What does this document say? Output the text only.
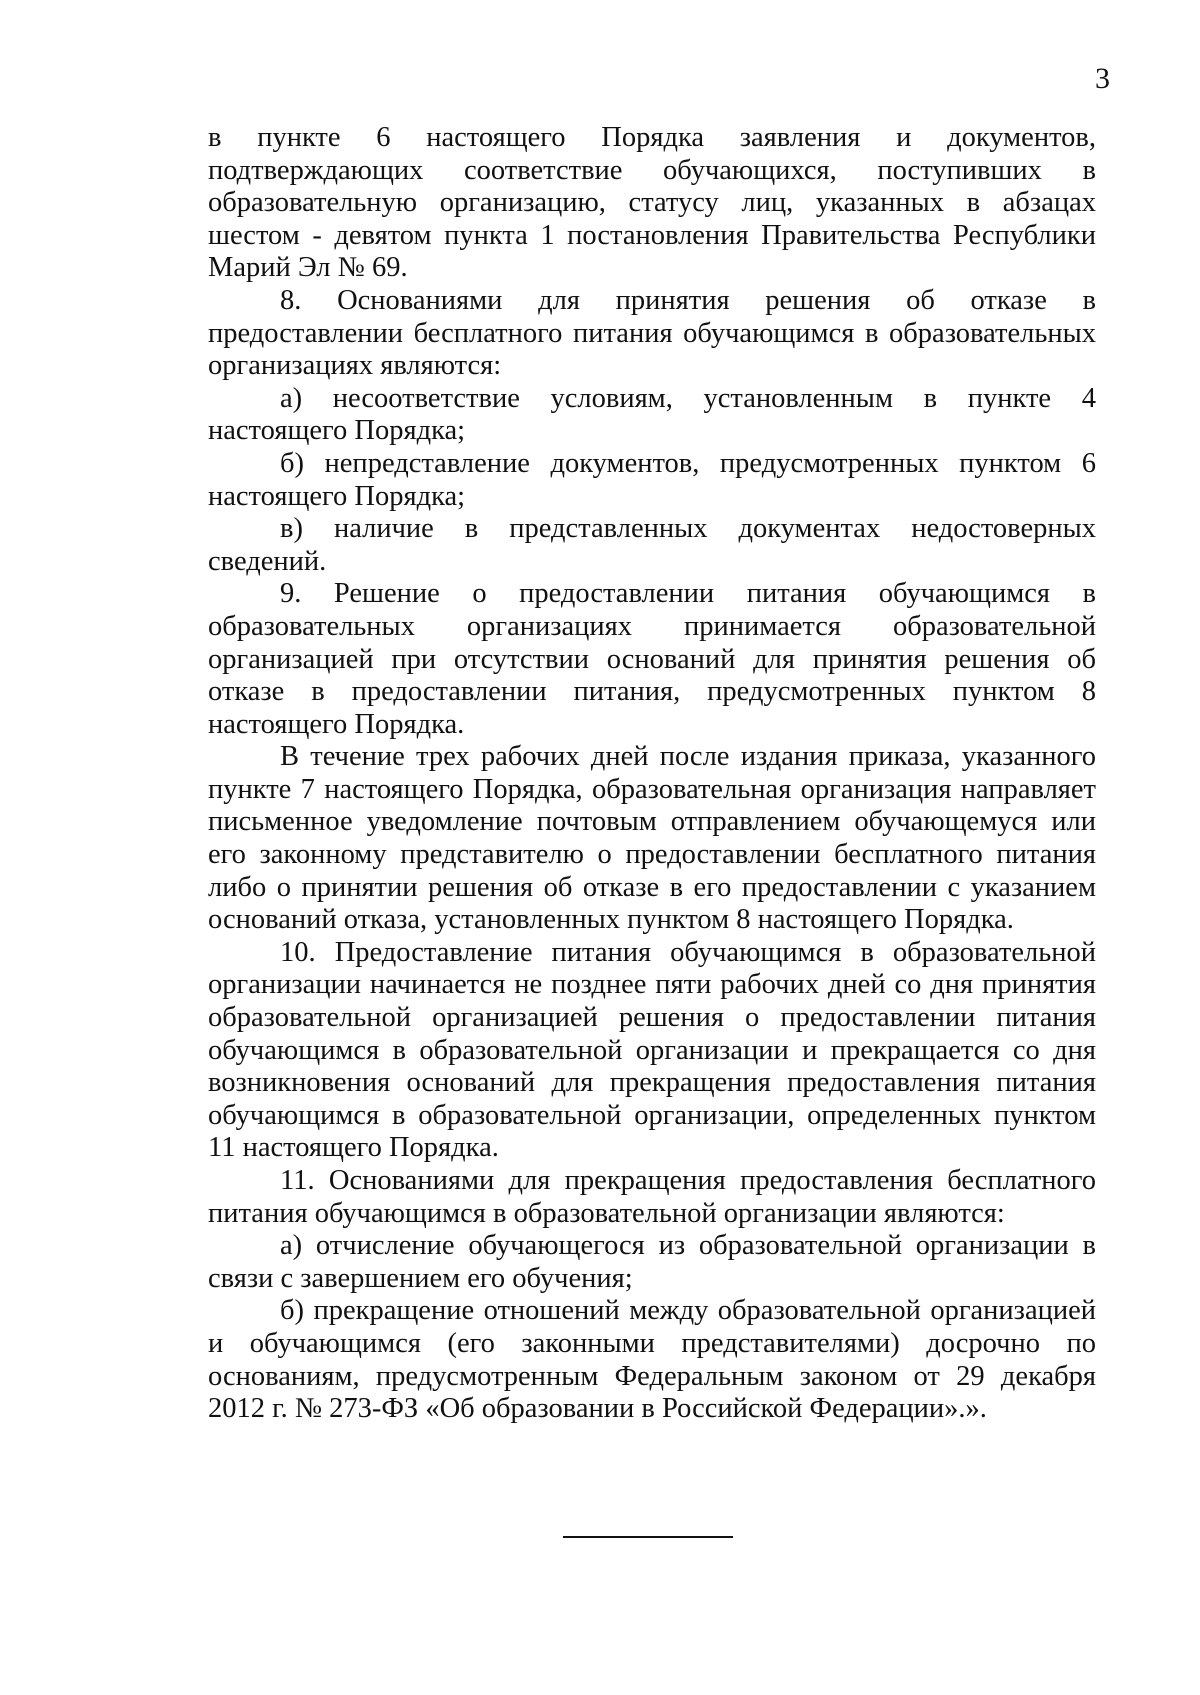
3

в пункте 6 настоящего Порядка заявления и документов, подтверждающих соответствие обучающихся, поступивших в образовательную организацию, статусу лиц, указанных в абзацах шестом - девятом пункта 1 постановления Правительства Республики Марий Эл № 69.

8. Основаниями для принятия решения об отказе в предоставлении бесплатного питания обучающимся в образовательных организациях являются:

а) несоответствие условиям, установленным в пункте 4 настоящего Порядка;

б) непредставление документов, предусмотренных пунктом 6 настоящего Порядка;

в) наличие в представленных документах недостоверных сведений.

9. Решение о предоставлении питания обучающимся в образовательных организациях принимается образовательной организацией при отсутствии оснований для принятия решения об отказе в предоставлении питания, предусмотренных пунктом 8 настоящего Порядка.

В течение трех рабочих дней после издания приказа, указанного пункте 7 настоящего Порядка, образовательная организация направляет письменное уведомление почтовым отправлением обучающемуся или его законному представителю о предоставлении бесплатного питания либо о принятии решения об отказе в его предоставлении с указанием оснований отказа, установленных пунктом 8 настоящего Порядка.

10. Предоставление питания обучающимся в образовательной организации начинается не позднее пяти рабочих дней со дня принятия образовательной организацией решения о предоставлении питания обучающимся в образовательной организации и прекращается со дня возникновения оснований для прекращения предоставления питания обучающимся в образовательной организации, определенных пунктом 11 настоящего Порядка.

11. Основаниями для прекращения предоставления бесплатного питания обучающимся в образовательной организации являются:

а) отчисление обучающегося из образовательной организации в связи с завершением его обучения;

б) прекращение отношений между образовательной организацией и обучающимся (его законными представителями) досрочно по основаниям, предусмотренным Федеральным законом от 29 декабря 2012 г. № 273-ФЗ «Об образовании в Российской Федерации».».
